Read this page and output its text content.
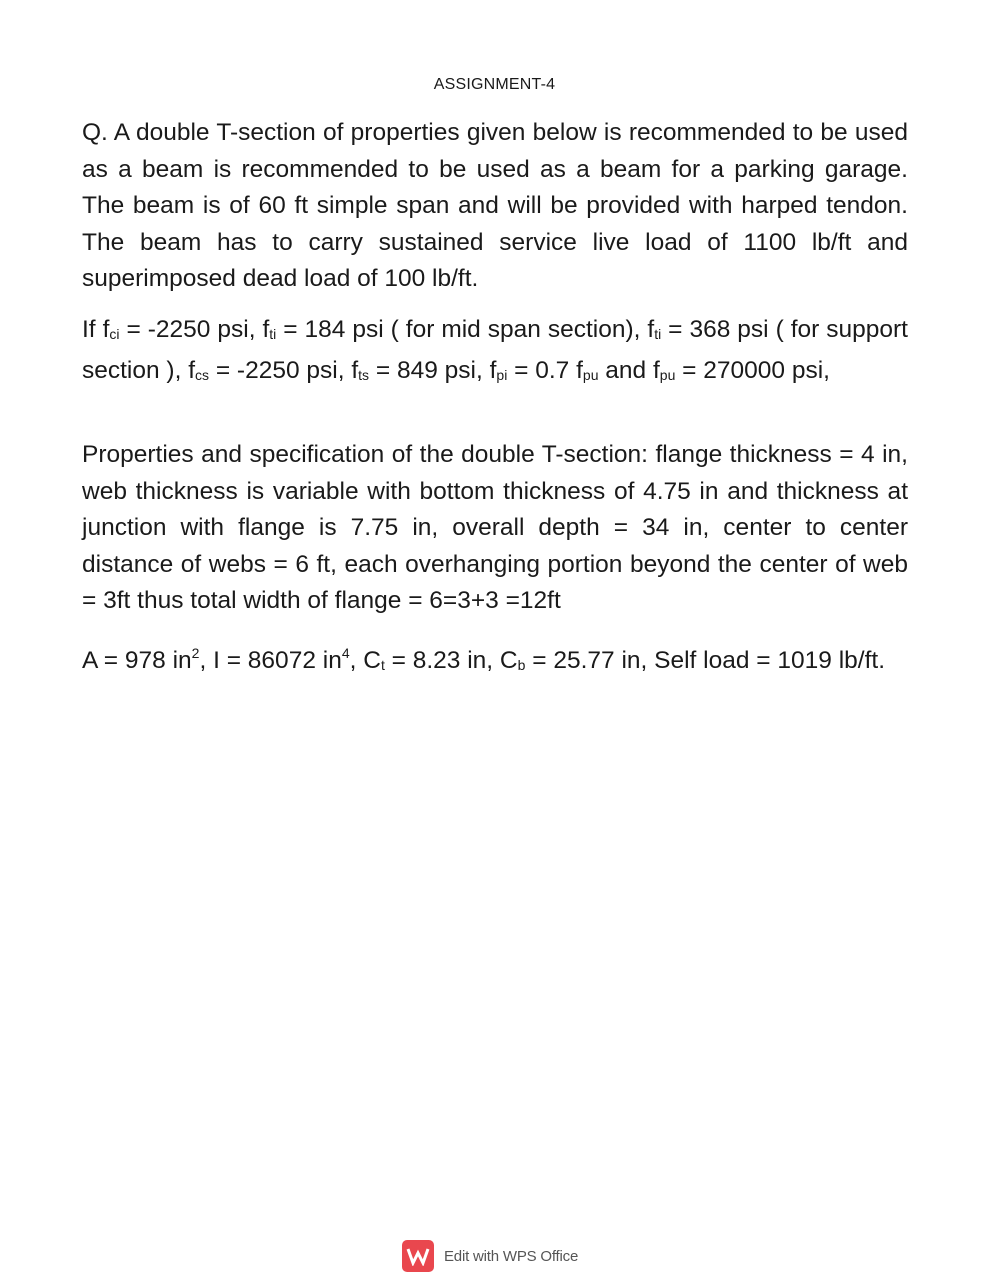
ASSIGNMENT-4

Q. A double T-section of properties given below is recommended to be used as a beam is recommended to be used as a beam for a parking garage. The beam is of 60 ft simple span and will be provided with harped tendon. The beam has to carry sustained service live load of 1100 lb/ft and superimposed dead load of 100 lb/ft.

If fci = -2250 psi, fti = 184 psi ( for mid span section), fti = 368 psi ( for support section ), fcs = -2250 psi, fts = 849 psi, fpi = 0.7 fpu and fpu = 270000 psi,

Properties and specification of the double T-section: flange thickness = 4 in, web thickness is variable with bottom thickness of 4.75 in and thickness at junction with flange is 7.75 in, overall depth = 34 in, center to center distance of webs = 6 ft, each overhanging portion beyond the center of web = 3ft thus total width of flange = 6=3+3 =12ft

A = 978 $in^2$, I = 86072 $in^4$, Ct = 8.23 in, Cb = 25.77 in, Self load = 1019 lb/ft.

Edit with WPS Office
